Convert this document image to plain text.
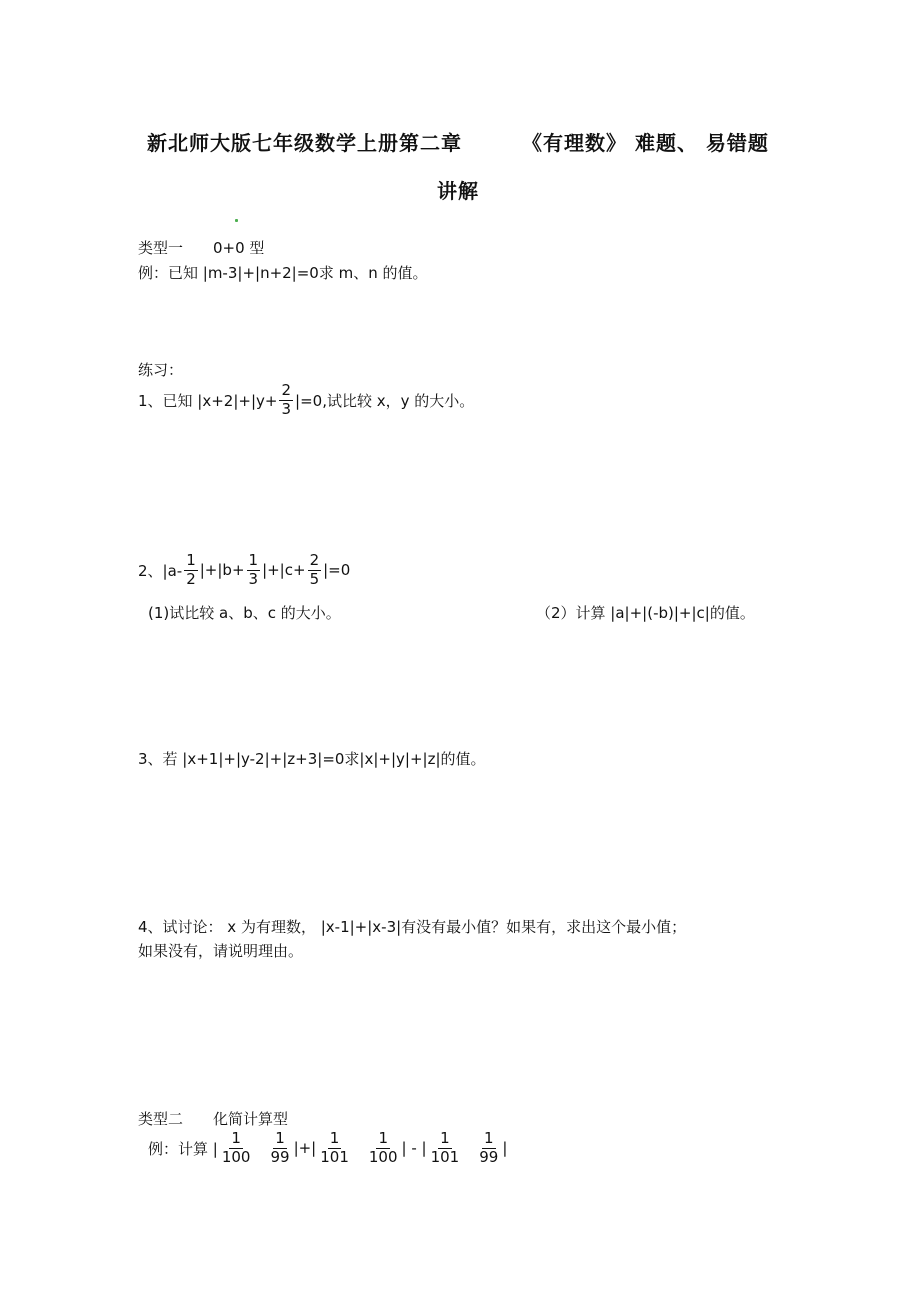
新北师大版七年级数学上册第二章	《有理数》 难题、 易错题
讲解
类型一 0+0 型
例：已知 |m-3|+|n+2|=0求 m、n 的值。
练习：
1、已知 $|x+2|+|y+ \frac{2}{3} |=0$,试比较 x，y 的大小。
2、$|a- \frac{1}{2} |+|b+ \frac{1}{3} |+|c+ \frac{2}{5} |=0$
(1)试比较 a、b、c 的大小。	（2）计算 |a|+|(-b)|+|c|的值。
3、若 |x+1|+|y-2|+|z+3|=0求|x|+|y|+|z|的值。
4、试讨论： x 为有理数， |x-1|+|x-3|有没有最小值？如果有，求出这个最小值；
如果没有，请说明理由。
类型二 化简计算型
例：计算 | $\frac{1}{100} \frac{1}{99}$ |+| $\frac{1}{101} \frac{1}{100}$ | - | $\frac{1}{101} \frac{1}{99}$ |
